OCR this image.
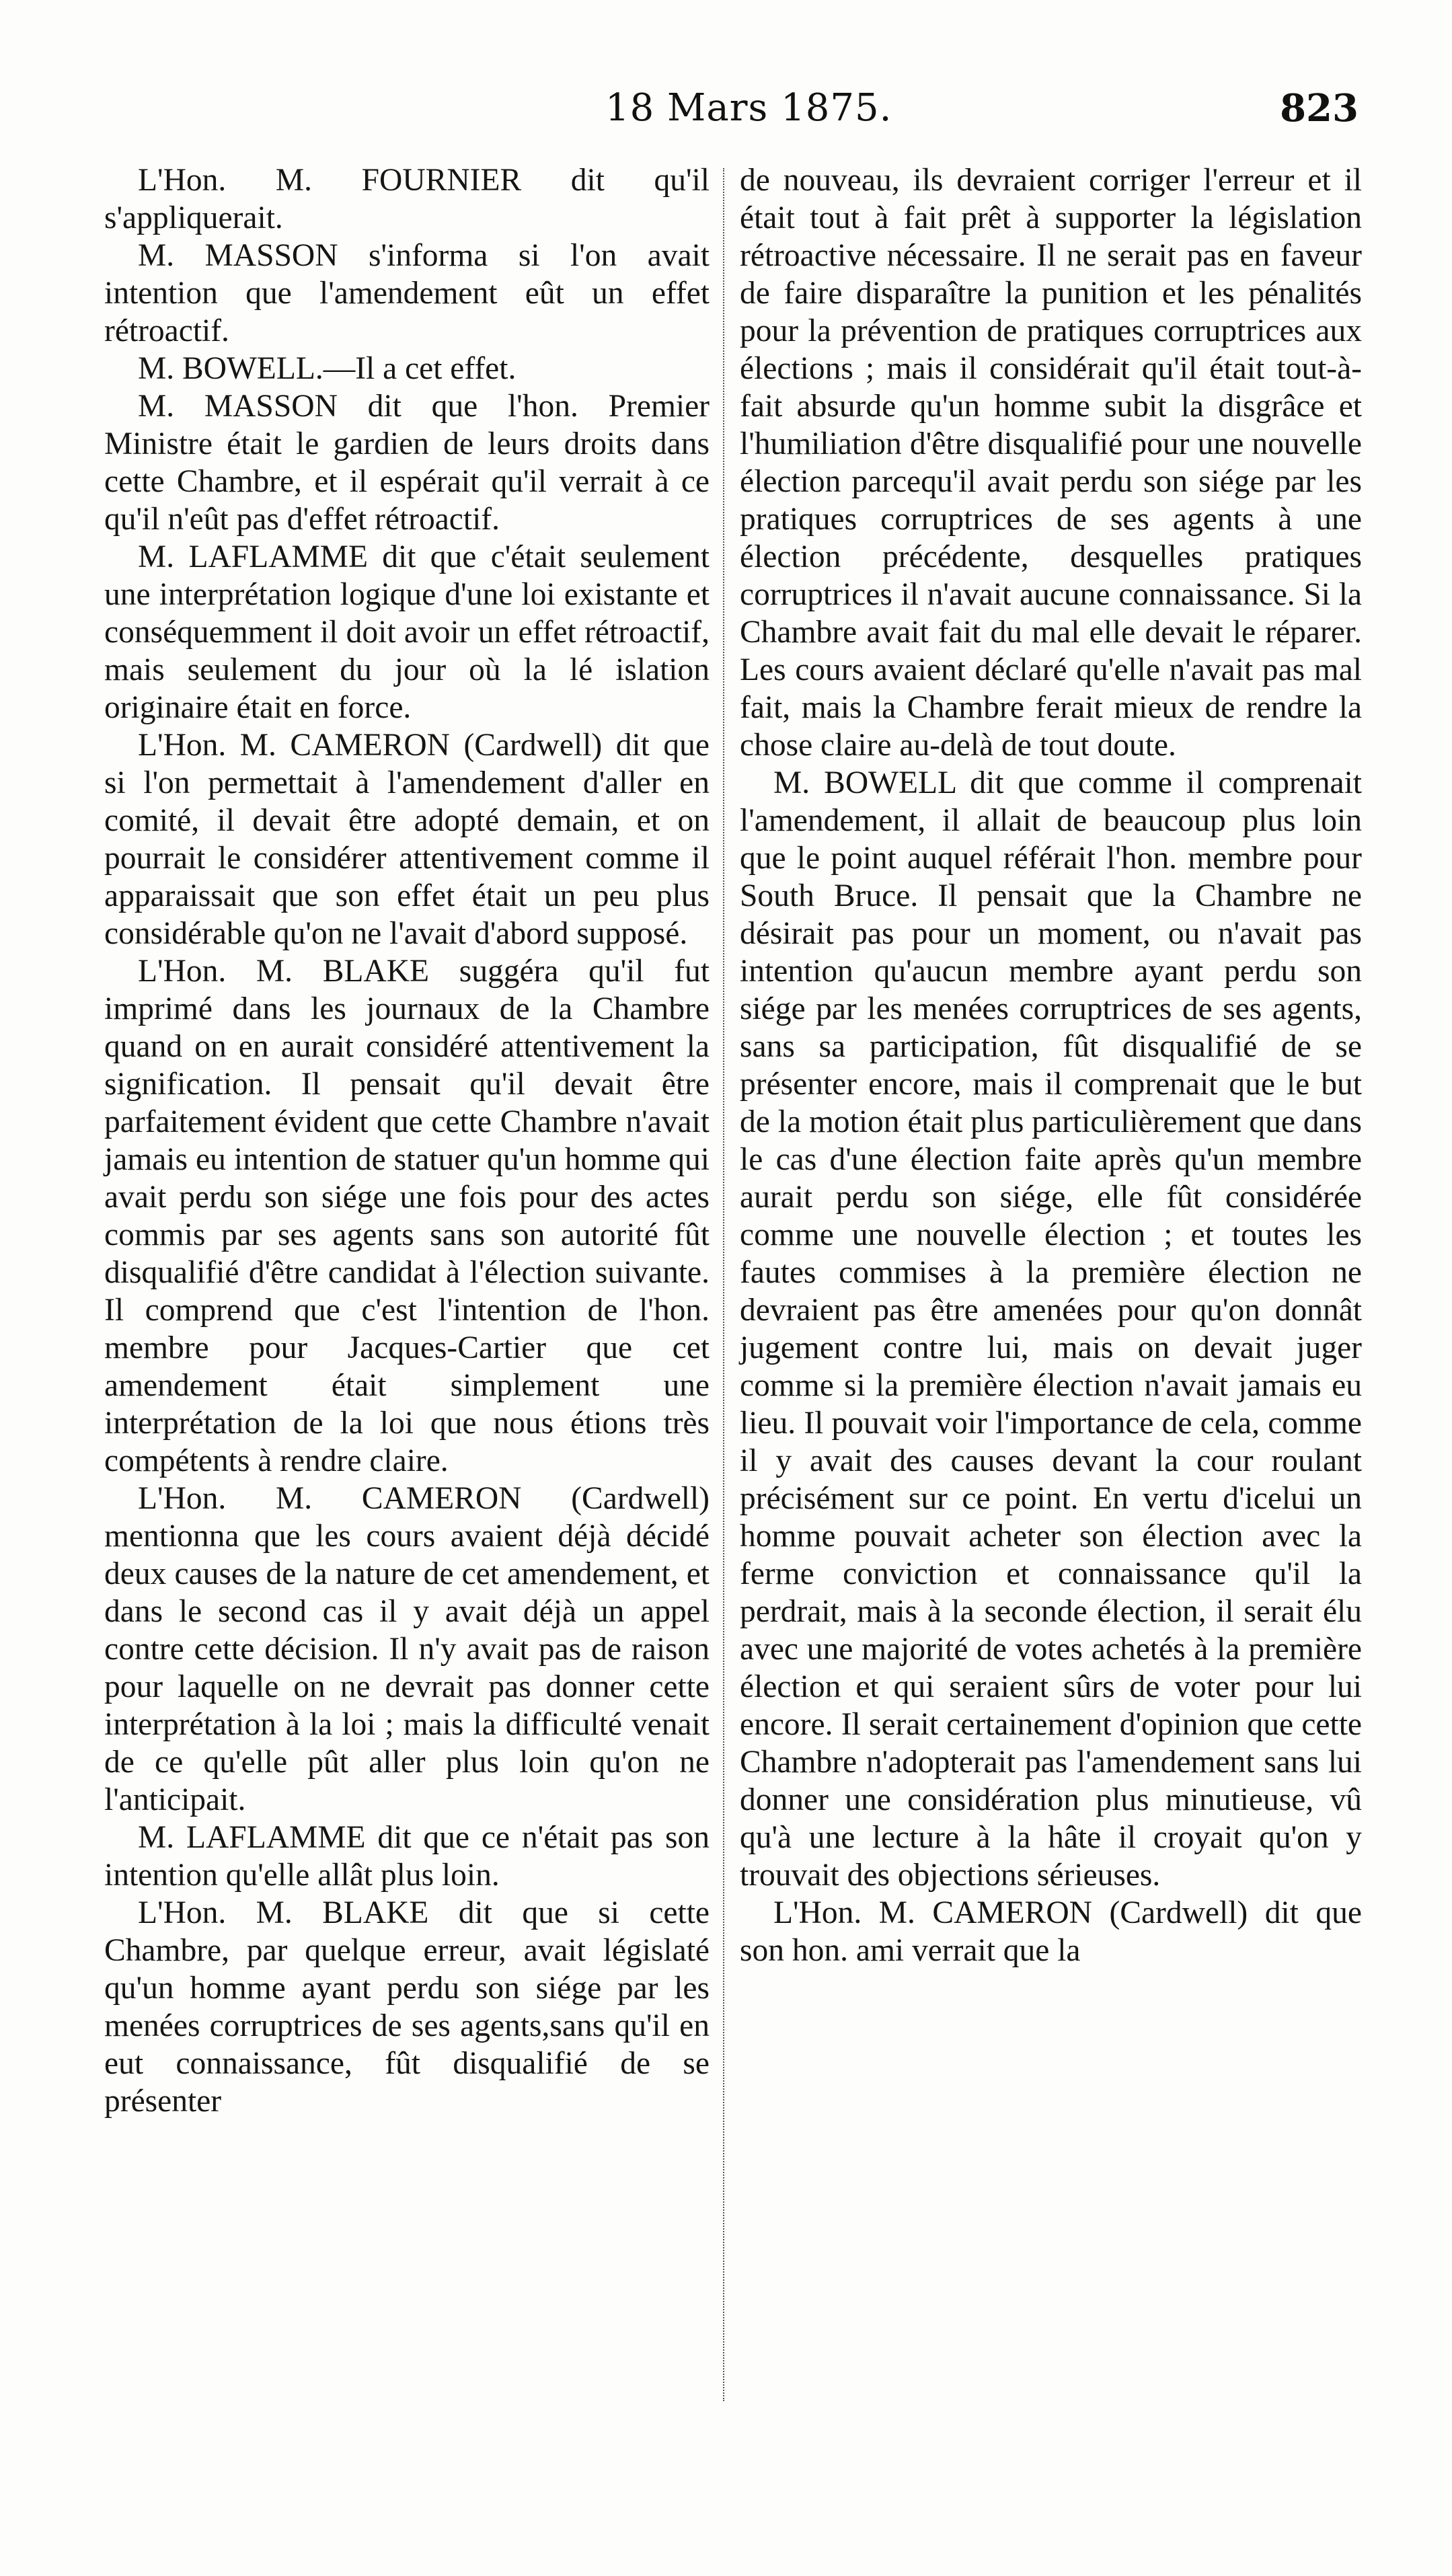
18 Mars 1875.	823

L'Hon. M. FOURNIER dit qu'il s'appliquerait.

M. MASSON s'informa si l'on avait intention que l'amendement eût un effet rétroactif.

M. BOWELL.—Il a cet effet.

M. MASSON dit que l'hon. Premier Ministre était le gardien de leurs droits dans cette Chambre, et il espérait qu'il verrait à ce qu'il n'eût pas d'effet rétroactif.

M. LAFLAMME dit que c'était seulement une interprétation logique d'une loi existante et conséquemment il doit avoir un effet rétroactif, mais seulement du jour où la lé islation originaire était en force.

L'Hon. M. CAMERON (Cardwell) dit que si l'on permettait à l'amendement d'aller en comité, il devait être adopté demain, et on pourrait le considérer attentivement comme il apparaissait que son effet était un peu plus considérable qu'on ne l'avait d'abord supposé.

L'Hon. M. BLAKE suggéra qu'il fut imprimé dans les journaux de la Chambre quand on en aurait considéré attentivement la signification. Il pensait qu'il devait être parfaitement évident que cette Chambre n'avait jamais eu intention de statuer qu'un homme qui avait perdu son siége une fois pour des actes commis par ses agents sans son autorité fût disqualifié d'être candidat à l'élection suivante. Il comprend que c'est l'intention de l'hon. membre pour Jacques-Cartier que cet amendement était simplement une interprétation de la loi que nous étions très compétents à rendre claire.

L'Hon. M. CAMERON (Cardwell) mentionna que les cours avaient déjà décidé deux causes de la nature de cet amendement, et dans le second cas il y avait déjà un appel contre cette décision. Il n'y avait pas de raison pour laquelle on ne devrait pas donner cette interprétation à la loi ; mais la difficulté venait de ce qu'elle pût aller plus loin qu'on ne l'anticipait.

M. LAFLAMME dit que ce n'était pas son intention qu'elle allât plus loin.

L'Hon. M. BLAKE dit que si cette Chambre, par quelque erreur, avait législaté qu'un homme ayant perdu son siége par les menées corruptrices de ses agents,sans qu'il en eut connaissance, fût disqualifié de se présenter

de nouveau, ils devraient corriger l'erreur et il était tout à fait prêt à supporter la législation rétroactive nécessaire. Il ne serait pas en faveur de faire disparaître la punition et les pénalités pour la prévention de pratiques corruptrices aux élections ; mais il considérait qu'il était tout-à-fait absurde qu'un homme subit la disgrâce et l'humiliation d'être disqualifié pour une nouvelle élection parcequ'il avait perdu son siége par les pratiques corruptrices de ses agents à une élection précédente, desquelles pratiques corruptrices il n'avait aucune connaissance. Si la Chambre avait fait du mal elle devait le réparer. Les cours avaient déclaré qu'elle n'avait pas mal fait, mais la Chambre ferait mieux de rendre la chose claire au-delà de tout doute.

M. BOWELL dit que comme il comprenait l'amendement, il allait de beaucoup plus loin que le point auquel référait l'hon. membre pour South Bruce. Il pensait que la Chambre ne désirait pas pour un moment, ou n'avait pas intention qu'aucun membre ayant perdu son siége par les menées corruptrices de ses agents, sans sa participation, fût disqualifié de se présenter encore, mais il comprenait que le but de la motion était plus particulièrement que dans le cas d'une élection faite après qu'un membre aurait perdu son siége, elle fût considérée comme une nouvelle élection ; et toutes les fautes commises à la première élection ne devraient pas être amenées pour qu'on donnât jugement contre lui, mais on devait juger comme si la première élection n'avait jamais eu lieu. Il pouvait voir l'importance de cela, comme il y avait des causes devant la cour roulant précisément sur ce point. En vertu d'icelui un homme pouvait acheter son élection avec la ferme conviction et connaissance qu'il la perdrait, mais à la seconde élection, il serait élu avec une majorité de votes achetés à la première élection et qui seraient sûrs de voter pour lui encore. Il serait certainement d'opinion que cette Chambre n'adopterait pas l'amendement sans lui donner une considération plus minutieuse, vû qu'à une lecture à la hâte il croyait qu'on y trouvait des objections sérieuses.

L'Hon. M. CAMERON (Cardwell) dit que son hon. ami verrait que la
